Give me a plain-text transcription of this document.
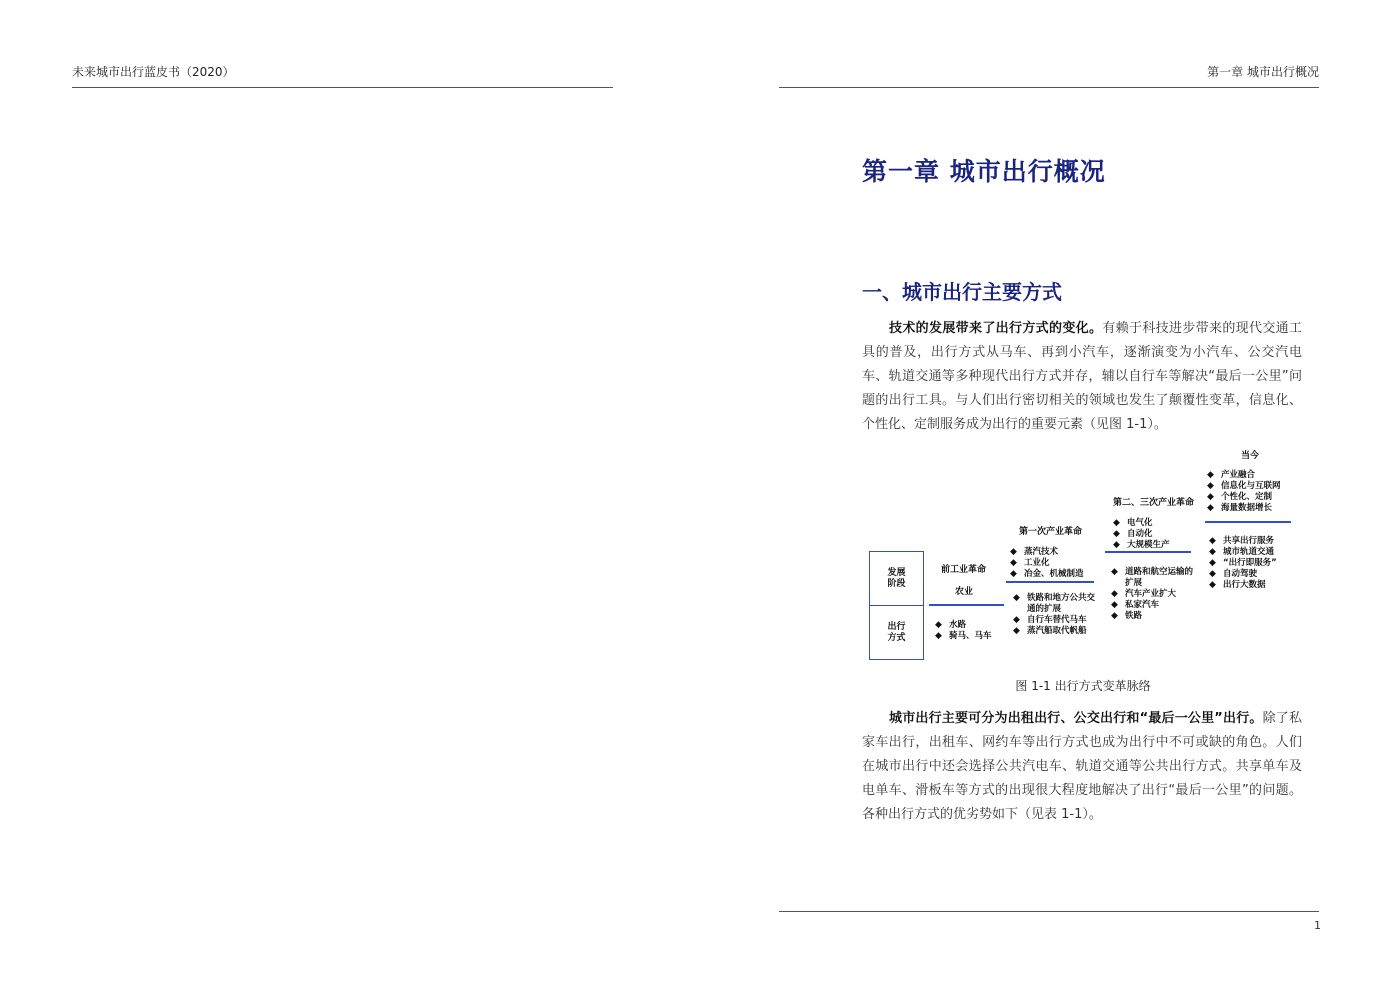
未来城市出行蓝皮书（2020）	第一章 城市出行概况
第一章 城市出行概况
一、城市出行主要方式

技术的发展带来了出行方式的变化。有赖于科技进步带来的现代交通工具的普及，出行方式从马车、再到小汽车，逐渐演变为小汽车、公交汽电车、轨道交通等多种现代出行方式并存，辅以自行车等解决“最后一公里”问题的出行工具。与人们出行密切相关的领域也发生了颠覆性变革，信息化、个性化、定制服务成为出行的重要元素（见图 1-1）。

发展
阶段
出行
方式
前工业革命
农业
◆ 水路
◆ 骑马、马车
第一次产业革命
◆ 蒸汽技术
◆ 工业化
◆ 冶金、机械制造
◆ 铁路和地方公共交通的扩展
◆ 自行车替代马车
◆ 蒸汽船取代帆船
第二、三次产业革命
◆ 电气化
◆ 自动化
◆ 大规模生产
◆ 道路和航空运输的扩展
◆ 汽车产业扩大
◆ 私家汽车
◆ 铁路
当今
◆ 产业融合
◆ 信息化与互联网
◆ 个性化、定制
◆ 海量数据增长
◆ 共享出行服务
◆ 城市轨道交通
◆ “出行即服务”
◆ 自动驾驶
◆ 出行大数据
图 1-1 出行方式变革脉络

城市出行主要可分为出租出行、公交出行和“最后一公里”出行。除了私家车出行，出租车、网约车等出行方式也成为出行中不可或缺的角色。人们在城市出行中还会选择公共汽电车、轨道交通等公共出行方式。共享单车及电单车、滑板车等方式的出现很大程度地解决了出行“最后一公里”的问题。各种出行方式的优劣势如下（见表 1-1）。

1
